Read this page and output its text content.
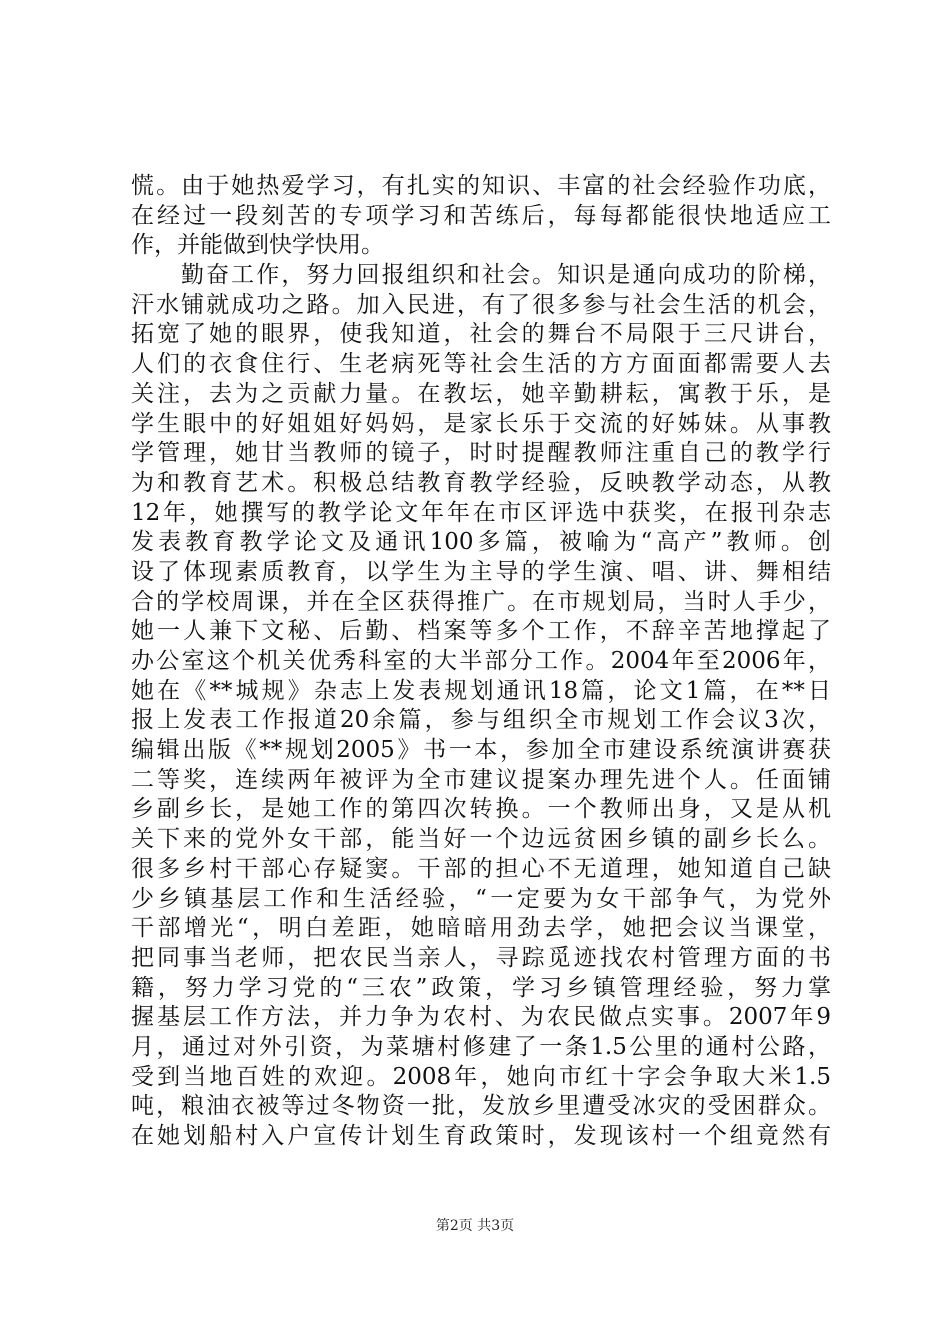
慌。由于她热爱学习，有扎实的知识、丰富的社会经验作功底，
在经过一段刻苦的专项学习和苦练后，每每都能很快地适应工
作，并能做到快学快用。
勤奋工作，努力回报组织和社会。知识是通向成功的阶梯，
汗水铺就成功之路。加入民进，有了很多参与社会生活的机会，
拓宽了她的眼界，使我知道，社会的舞台不局限于三尺讲台，
人们的衣食住行、生老病死等社会生活的方方面面都需要人去
关注，去为之贡献力量。在教坛，她辛勤耕耘，寓教于乐，是
学生眼中的好姐姐好妈妈，是家长乐于交流的好姊妹。从事教
学管理，她甘当教师的镜子，时时提醒教师注重自己的教学行
为和教育艺术。积极总结教育教学经验，反映教学动态，从教
12年，她撰写的教学论文年年在市区评选中获奖，在报刊杂志
发表教育教学论文及通讯100多篇，被喻为“高产”教师。创
设了体现素质教育，以学生为主导的学生演、唱、讲、舞相结
合的学校周课，并在全区获得推广。在市规划局，当时人手少，
她一人兼下文秘、后勤、档案等多个工作，不辞辛苦地撑起了
办公室这个机关优秀科室的大半部分工作。2004年至2006年，
她在《**城规》杂志上发表规划通讯18篇，论文1篇，在**日
报上发表工作报道20余篇，参与组织全市规划工作会议3次，
编辑出版《**规划2005》书一本，参加全市建设系统演讲赛获
二等奖，连续两年被评为全市建议提案办理先进个人。任面铺
乡副乡长，是她工作的第四次转换。一个教师出身，又是从机
关下来的党外女干部，能当好一个边远贫困乡镇的副乡长么。
很多乡村干部心存疑窦。干部的担心不无道理，她知道自己缺
少乡镇基层工作和生活经验，“一定要为女干部争气，为党外
干部增光“，明白差距，她暗暗用劲去学，她把会议当课堂，
把同事当老师，把农民当亲人，寻踪觅迹找农村管理方面的书
籍，努力学习党的“三农”政策，学习乡镇管理经验，努力掌
握基层工作方法，并力争为农村、为农民做点实事。2007年9
月，通过对外引资，为菜塘村修建了一条1.5公里的通村公路，
受到当地百姓的欢迎。2008年，她向市红十字会争取大米1.5
吨，粮油衣被等过冬物资一批，发放乡里遭受冰灾的受困群众。
在她划船村入户宣传计划生育政策时，发现该村一个组竟然有
第2页 共3页
